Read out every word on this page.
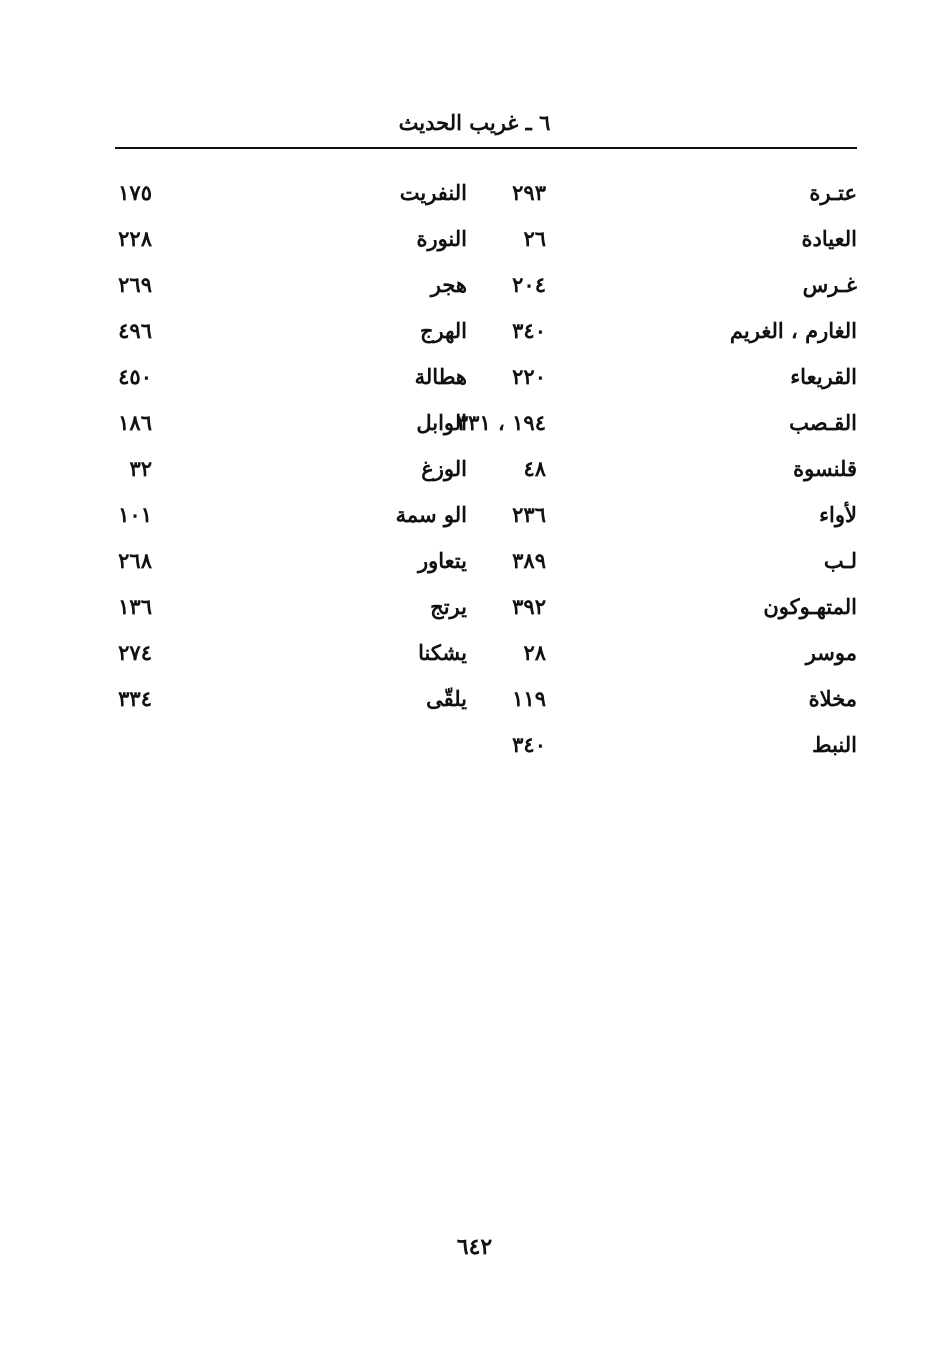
٦ ـ غريب الحديث
عتـرة
٢٩٣
النفريت
١٧٥
العيادة
٢٦
النورة
٢٢٨
غـرس
٢٠٤
هجر
٢٦٩
الغارم ، الغريم
٣٤٠
الهرج
٤٩٦
القريعاء
٢٢٠
هطالة
٤٥٠
القـصب
١٩٤ ، ٣٣١
الوابل
١٨٦
قلنسوة
٤٨
الوزغ
٣٢
لأواء
٢٣٦
الو سمة
١٠١
لـب
٣٨٩
يتعاور
٢٦٨
المتهـوكون
٣٩٢
يرتج
١٣٦
موسر
٢٨
يشكنا
٢٧٤
مخلاة
١١٩
يلقّى
٣٣٤
النبط
٣٤٠
٦٤٢
